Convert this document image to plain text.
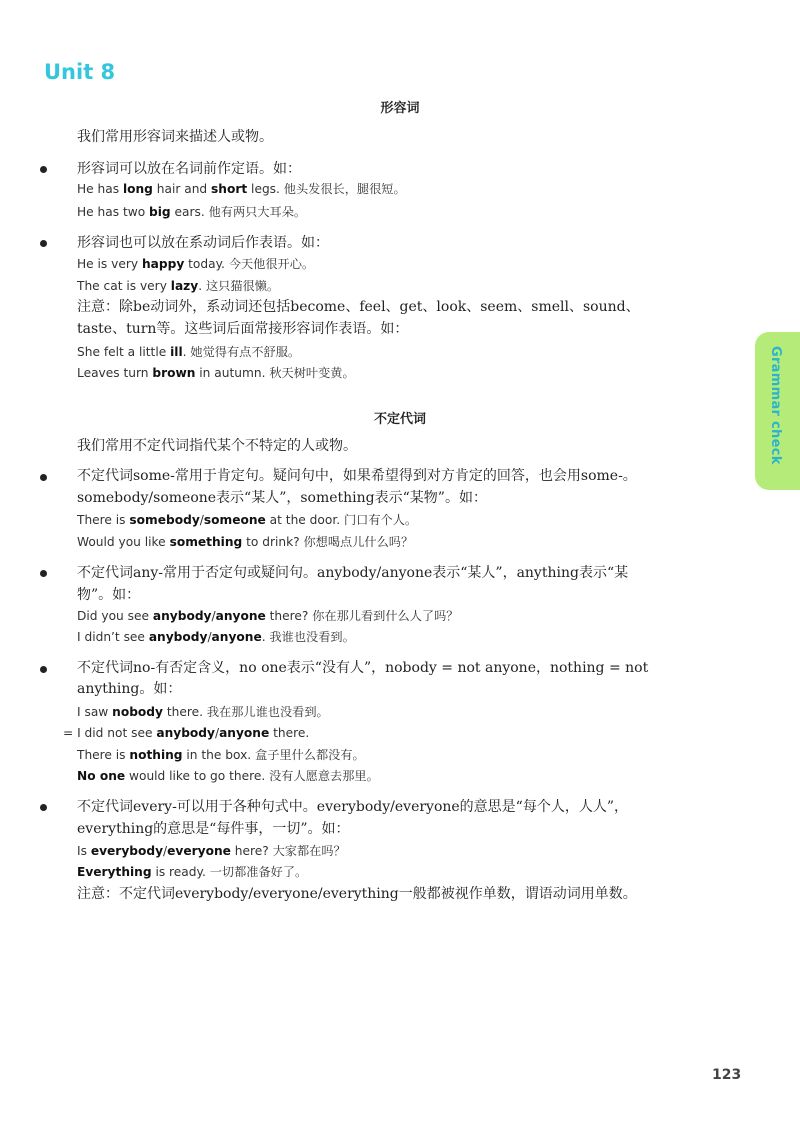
Unit 8
Grammar check
形容词
我们常用形容词来描述人或物。
形容词可以放在名词前作定语。如：
He has long hair and short legs. 他头发很长，腿很短。
He has two big ears. 他有两只大耳朵。
形容词也可以放在系动词后作表语。如：
He is very happy today. 今天他很开心。
The cat is very lazy. 这只猫很懒。
注意：除be动词外，系动词还包括become、feel、get、look、seem、smell、sound、
taste、turn等。这些词后面常接形容词作表语。如：
She felt a little ill. 她觉得有点不舒服。
Leaves turn brown in autumn. 秋天树叶变黄。
不定代词
我们常用不定代词指代某个不特定的人或物。
不定代词some-常用于肯定句。疑问句中，如果希望得到对方肯定的回答，也会用some-。
somebody/someone表示“某人”，something表示“某物”。如：
There is somebody/someone at the door. 门口有个人。
Would you like something to drink? 你想喝点儿什么吗？
不定代词any-常用于否定句或疑问句。anybody/anyone表示“某人”，anything表示“某
物”。如：
Did you see anybody/anyone there? 你在那儿看到什么人了吗？
I didn’t see anybody/anyone. 我谁也没看到。
不定代词no-有否定含义，no one表示“没有人”，nobody = not anyone，nothing = not
anything。如：
I saw nobody there. 我在那儿谁也没看到。
= I did not see anybody/anyone there.
There is nothing in the box. 盒子里什么都没有。
No one would like to go there. 没有人愿意去那里。
不定代词every-可以用于各种句式中。everybody/everyone的意思是“每个人，人人”，
everything的意思是“每件事，一切”。如：
Is everybody/everyone here? 大家都在吗？
Everything is ready. 一切都准备好了。
注意：不定代词everybody/everyone/everything一般都被视作单数，谓语动词用单数。
123
